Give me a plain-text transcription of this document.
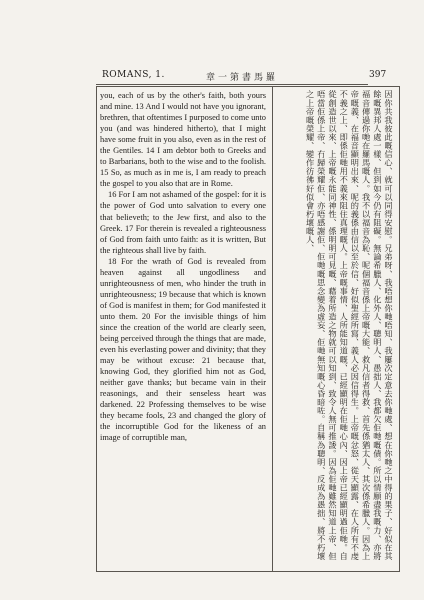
ROMANS, 1.	章一第書馬羅	397

you, each of us by the other's faith, both yours and mine. 13 And I would not have you ignorant, brethren, that oftentimes I purposed to come unto you (and was hindered hitherto), that I might have some fruit in you also, even as in the rest of the Gentiles. 14 I am debtor both to Greeks and to Barbarians, both to the wise and to the foolish. 15 So, as much as in me is, I am ready to preach the gospel to you also that are in Rome.

16 For I am not ashamed of the gospel: for it is the power of God unto salvation to every one that believeth; to the Jew first, and also to the Greek. 17 For therein is revealed a righteousness of God from faith unto faith: as it is written, But the righteous shall live by faith.

18 For the wrath of God is revealed from heaven against all ungodliness and unrighteousness of men, who hinder the truth in unrighteousness; 19 because that which is known of God is manifest in them; for God manifested it unto them. 20 For the invisible things of him since the creation of the world are clearly seen, being perceived through the things that are made, even his everlasting power and divinity; that they may be without excuse: 21 because that, knowing God, they glorified him not as God, neither gave thanks; but became vain in their reasonings, and their senseless heart was darkened. 22 Professing themselves to be wise they became fools, 23 and changed the glory of the incorruptible God for the likeness of an image of corruptible man,	因你共我彼此嘅信心、就可以同得安慰。兄弟呀、我唔想你哋唔知、我屢次定意去你哋處、想在你哋之中得的果子、好似在其餘嘅異邦人處一樣、但到如今仍有阻礙。無論希臘人、化外人、聰明人、愚拙人、我都欠佢哋嘅債。所以情願盡我嘅力、亦將福音傳過你哋在羅馬嘅人。我不以福音為恥、呢個福音係上帝嘅大能、救凡信者得救、首先係猶太人、其次係希臘人。因為上帝嘅義、在福音顯明出來、呢的義係由信以至於信、好似聖經所寫、義人必因信得生。上帝嘅忿怒、從天顯露、在人所有不虔不義之上、即係佢哋用不義來阻住真理嘅人。上帝嘅事情、人所能知道嘅、已經顯明在佢哋心內、因上帝已經顯明過佢哋。自從創造世以來、上帝嘅永能同神性、係明明可見嘅、藉着所造之物就可以知到、致令人無可推諉。因為佢哋雖然知道上帝、但唔當佢係上帝、冇歸榮耀佢、亦唔感謝佢、佢哋嘅思念變為虛妄、佢哋無知嘅心昏暗咗。自稱為聰明、反成為愚拙、將不朽壞之上帝嘅榮耀、變作彷彿好似會朽壞嘅人、
